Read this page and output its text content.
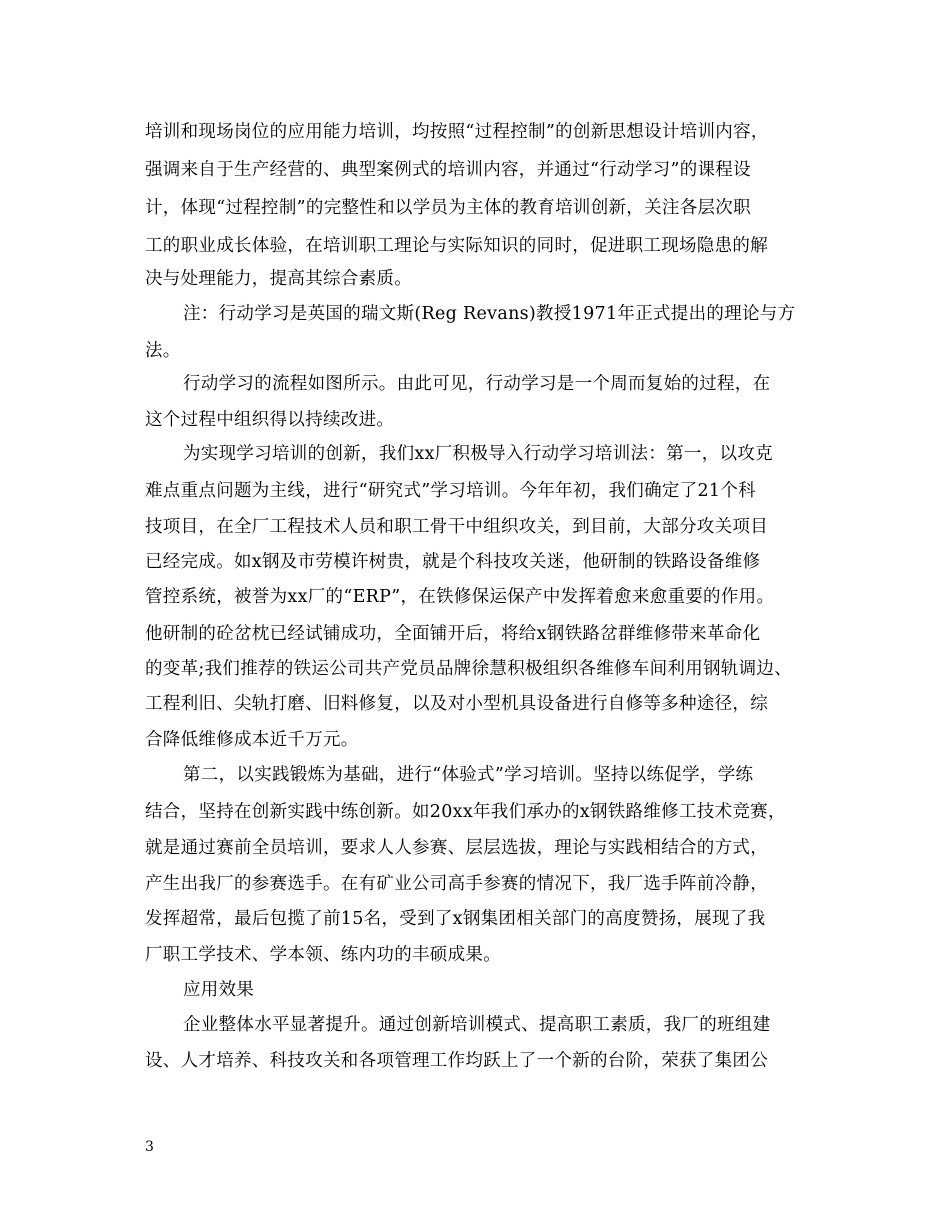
培训和现场岗位的应用能力培训，均按照“过程控制”的创新思想设计培训内容，
强调来自于生产经营的、典型案例式的培训内容，并通过“行动学习”的课程设
计，体现“过程控制”的完整性和以学员为主体的教育培训创新，关注各层次职
工的职业成长体验，在培训职工理论与实际知识的同时，促进职工现场隐患的解
决与处理能力，提高其综合素质。
注：行动学习是英国的瑞文斯(Reg Revans)教授1971年正式提出的理论与方
法。
行动学习的流程如图所示。由此可见，行动学习是一个周而复始的过程，在
这个过程中组织得以持续改进。
为实现学习培训的创新，我们xx厂积极导入行动学习培训法：第一，以攻克
难点重点问题为主线，进行“研究式”学习培训。今年年初，我们确定了21个科
技项目，在全厂工程技术人员和职工骨干中组织攻关，到目前，大部分攻关项目
已经完成。如x钢及市劳模许树贵，就是个科技攻关迷，他研制的铁路设备维修
管控系统，被誉为xx厂的“ERP”，在铁修保运保产中发挥着愈来愈重要的作用。
他研制的砼岔枕已经试铺成功，全面铺开后，将给x钢铁路岔群维修带来革命化
的变革;我们推荐的铁运公司共产党员品牌徐慧积极组织各维修车间利用钢轨调边、
工程利旧、尖轨打磨、旧料修复，以及对小型机具设备进行自修等多种途径，综
合降低维修成本近千万元。
第二，以实践锻炼为基础，进行“体验式”学习培训。坚持以练促学，学练
结合，坚持在创新实践中练创新。如20xx年我们承办的x钢铁路维修工技术竞赛，
就是通过赛前全员培训，要求人人参赛、层层选拔，理论与实践相结合的方式，
产生出我厂的参赛选手。在有矿业公司高手参赛的情况下，我厂选手阵前冷静，
发挥超常，最后包揽了前15名，受到了x钢集团相关部门的高度赞扬，展现了我
厂职工学技术、学本领、练内功的丰硕成果。
应用效果
企业整体水平显著提升。通过创新培训模式、提高职工素质，我厂的班组建
设、人才培养、科技攻关和各项管理工作均跃上了一个新的台阶，荣获了集团公
3
